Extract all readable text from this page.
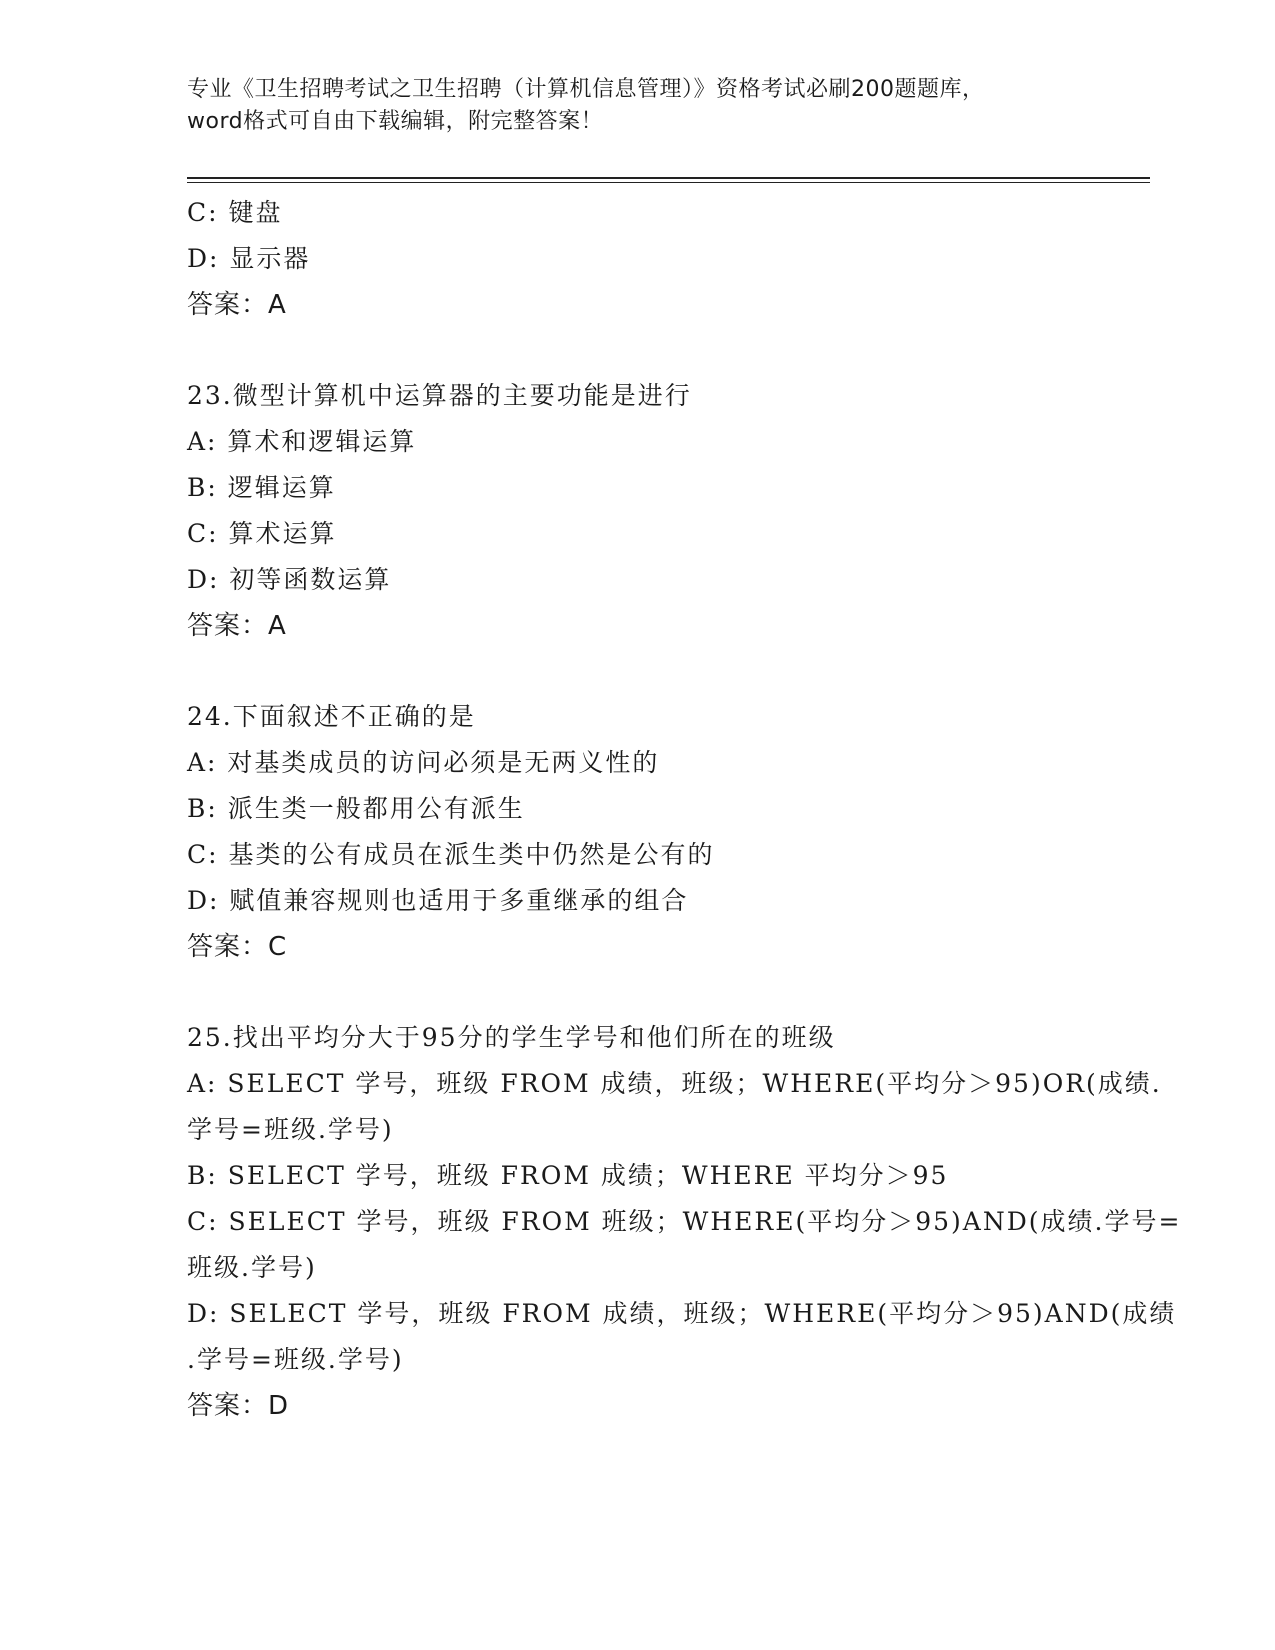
专业《卫生招聘考试之卫生招聘（计算机信息管理）》资格考试必刷200题题库，
word格式可自由下载编辑，附完整答案！
C: 键盘
D: 显示器
答案：A
23.微型计算机中运算器的主要功能是进行
A: 算术和逻辑运算
B: 逻辑运算
C: 算术运算
D: 初等函数运算
答案：A
24.下面叙述不正确的是
A: 对基类成员的访问必须是无两义性的
B: 派生类一般都用公有派生
C: 基类的公有成员在派生类中仍然是公有的
D: 赋值兼容规则也适用于多重继承的组合
答案：C
25.找出平均分大于95分的学生学号和他们所在的班级
A: SELECT 学号，班级 FROM 成绩，班级；WHERE(平均分＞95)OR(成绩.
学号=班级.学号)
B: SELECT 学号，班级 FROM 成绩；WHERE 平均分＞95
C: SELECT 学号，班级 FROM 班级；WHERE(平均分＞95)AND(成绩.学号=
班级.学号)
D: SELECT 学号，班级 FROM 成绩，班级；WHERE(平均分＞95)AND(成绩
.学号=班级.学号)
答案：D
